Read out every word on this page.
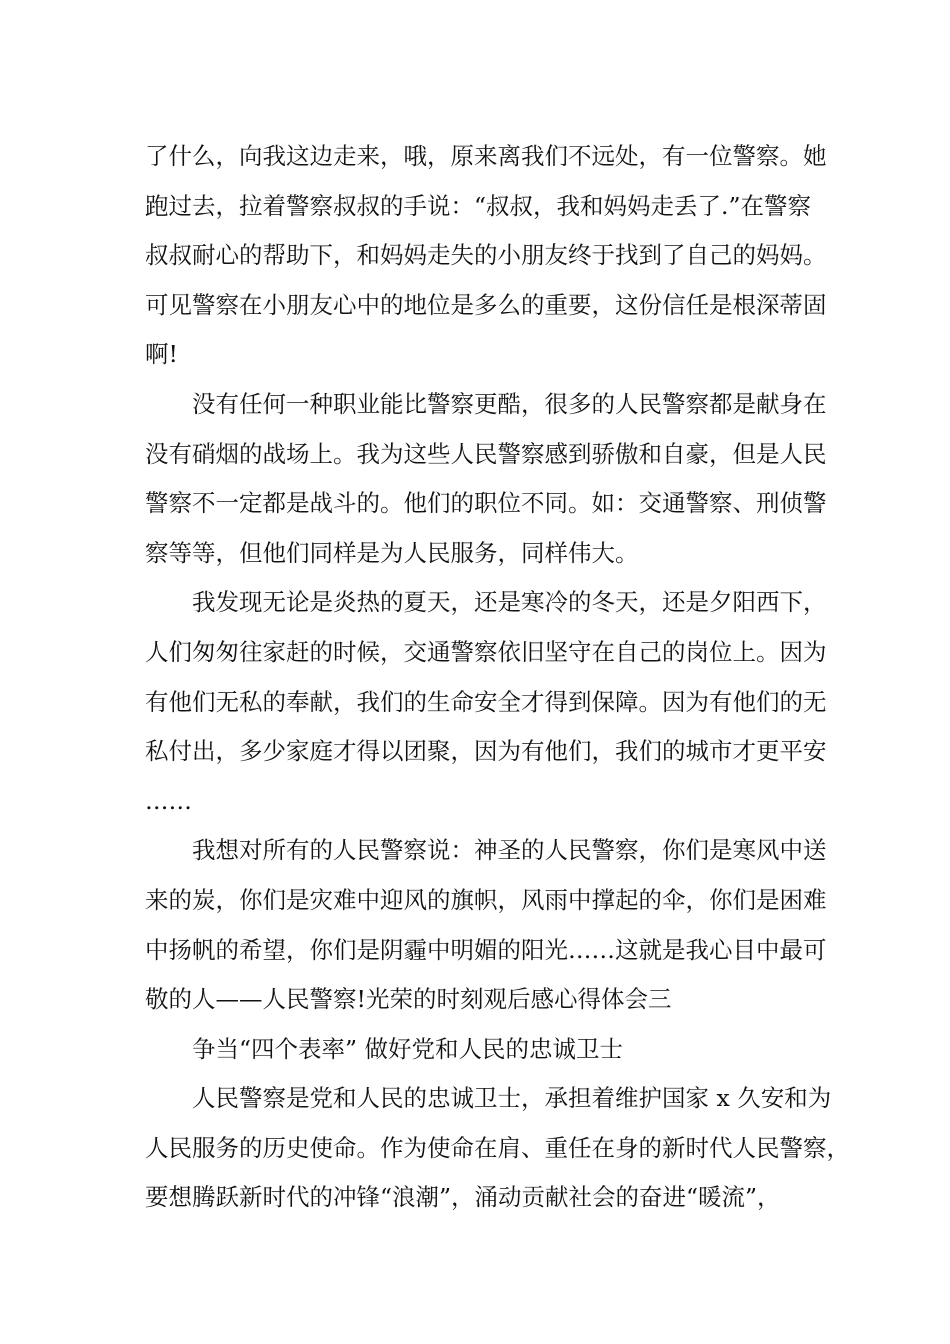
了什么，向我这边走来，哦，原来离我们不远处，有一位警察。她
跑过去，拉着警察叔叔的手说：“叔叔，我和妈妈走丢了.”在警察
叔叔耐心的帮助下，和妈妈走失的小朋友终于找到了自己的妈妈。
可见警察在小朋友心中的地位是多么的重要，这份信任是根深蒂固
啊!

没有任何一种职业能比警察更酷，很多的人民警察都是献身在
没有硝烟的战场上。我为这些人民警察感到骄傲和自豪，但是人民
警察不一定都是战斗的。他们的职位不同。如：交通警察、刑侦警
察等等，但他们同样是为人民服务，同样伟大。

我发现无论是炎热的夏天，还是寒冷的冬天，还是夕阳西下，
人们匆匆往家赶的时候，交通警察依旧坚守在自己的岗位上。因为
有他们无私的奉献，我们的生命安全才得到保障。因为有他们的无
私付出，多少家庭才得以团聚，因为有他们，我们的城市才更平安
……

我想对所有的人民警察说：神圣的人民警察，你们是寒风中送
来的炭，你们是灾难中迎风的旗帜，风雨中撑起的伞，你们是困难
中扬帆的希望，你们是阴霾中明媚的阳光……这就是我心目中最可
敬的人——人民警察!光荣的时刻观后感心得体会三

争当“四个表率” 做好党和人民的忠诚卫士

人民警察是党和人民的忠诚卫士，承担着维护国家 x 久安和为
人民服务的历史使命。作为使命在肩、重任在身的新时代人民警察，
要想腾跃新时代的冲锋“浪潮”，涌动贡献社会的奋进“暖流”，
